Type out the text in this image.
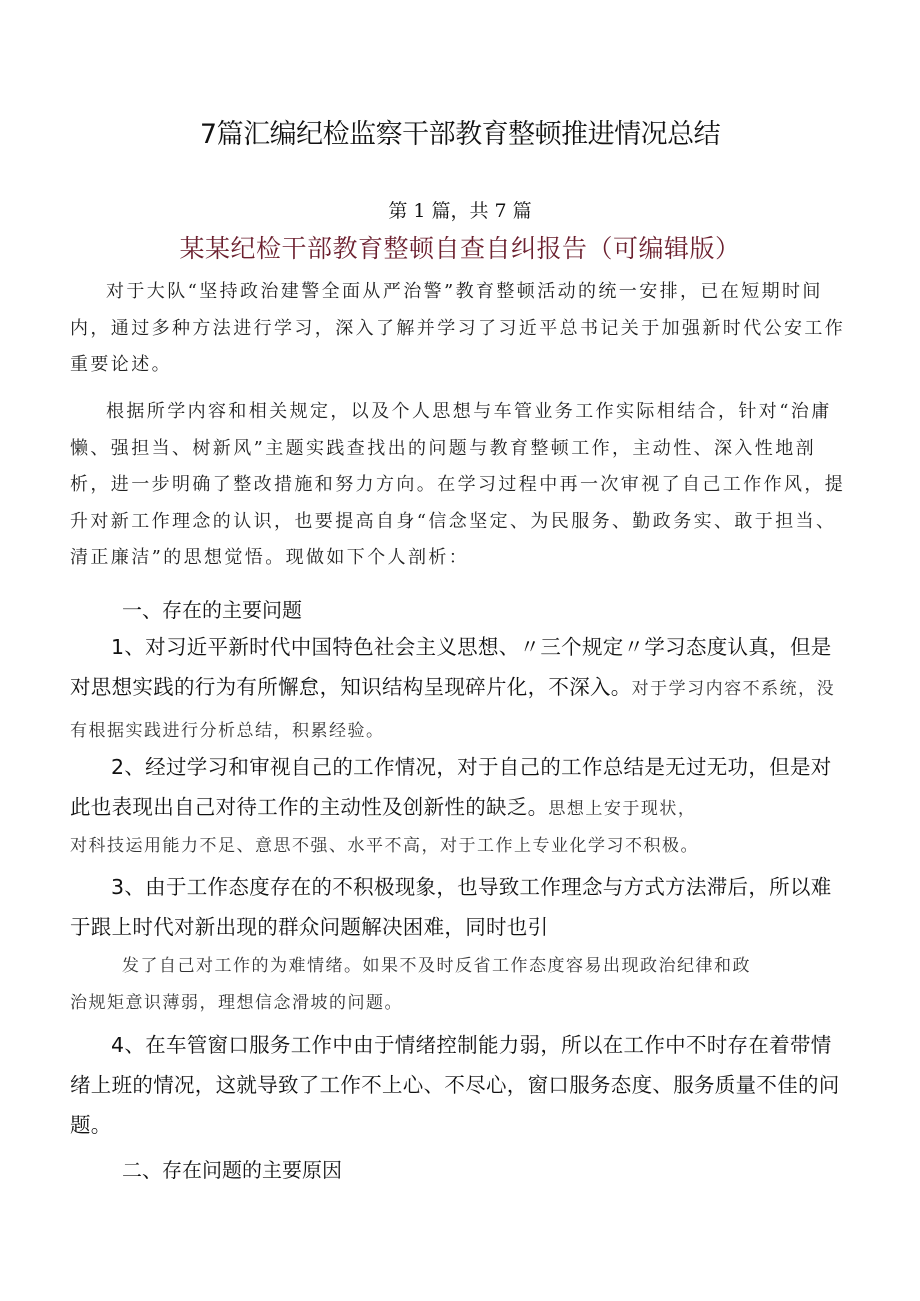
7篇汇编纪检监察干部教育整顿推进情况总结
第 1 篇，共 7 篇
某某纪检干部教育整顿自查自纠报告（可编辑版）

对于大队“坚持政治建警全面从严治警”教育整顿活动的统一安排，已在短期时间内，通过多种方法进行学习，深入了解并学习了习近平总书记关于加强新时代公安工作重要论述。

根据所学内容和相关规定，以及个人思想与车管业务工作实际相结合，针对“治庸懒、强担当、树新风”主题实践查找出的问题与教育整顿工作，主动性、深入性地剖析，进一步明确了整改措施和努力方向。在学习过程中再一次审视了自己工作作风，提升对新工作理念的认识，也要提高自身“信念坚定、为民服务、勤政务实、敢于担当、清正廉洁”的思想觉悟。现做如下个人剖析：

一、存在的主要问题

1、对习近平新时代中国特色社会主义思想、〃三个规定〃学习态度认真，但是对思想实践的行为有所懈怠，知识结构呈现碎片化，不深入。对于学习内容不系统，没有根据实践进行分析总结，积累经验。

2、经过学习和审视自己的工作情况，对于自己的工作总结是无过无功，但是对此也表现出自己对待工作的主动性及创新性的缺乏。思想上安于现状，

对科技运用能力不足、意思不强、水平不高，对于工作上专业化学习不积极。

3、由于工作态度存在的不积极现象，也导致工作理念与方式方法滞后，所以难于跟上时代对新出现的群众问题解决困难，同时也引

发了自己对工作的为难情绪。如果不及时反省工作态度容易出现政治纪律和政

治规矩意识薄弱，理想信念滑坡的问题。

4、在车管窗口服务工作中由于情绪控制能力弱，所以在工作中不时存在着带情绪上班的情况，这就导致了工作不上心、不尽心，窗口服务态度、服务质量不佳的问题。

二、存在问题的主要原因
